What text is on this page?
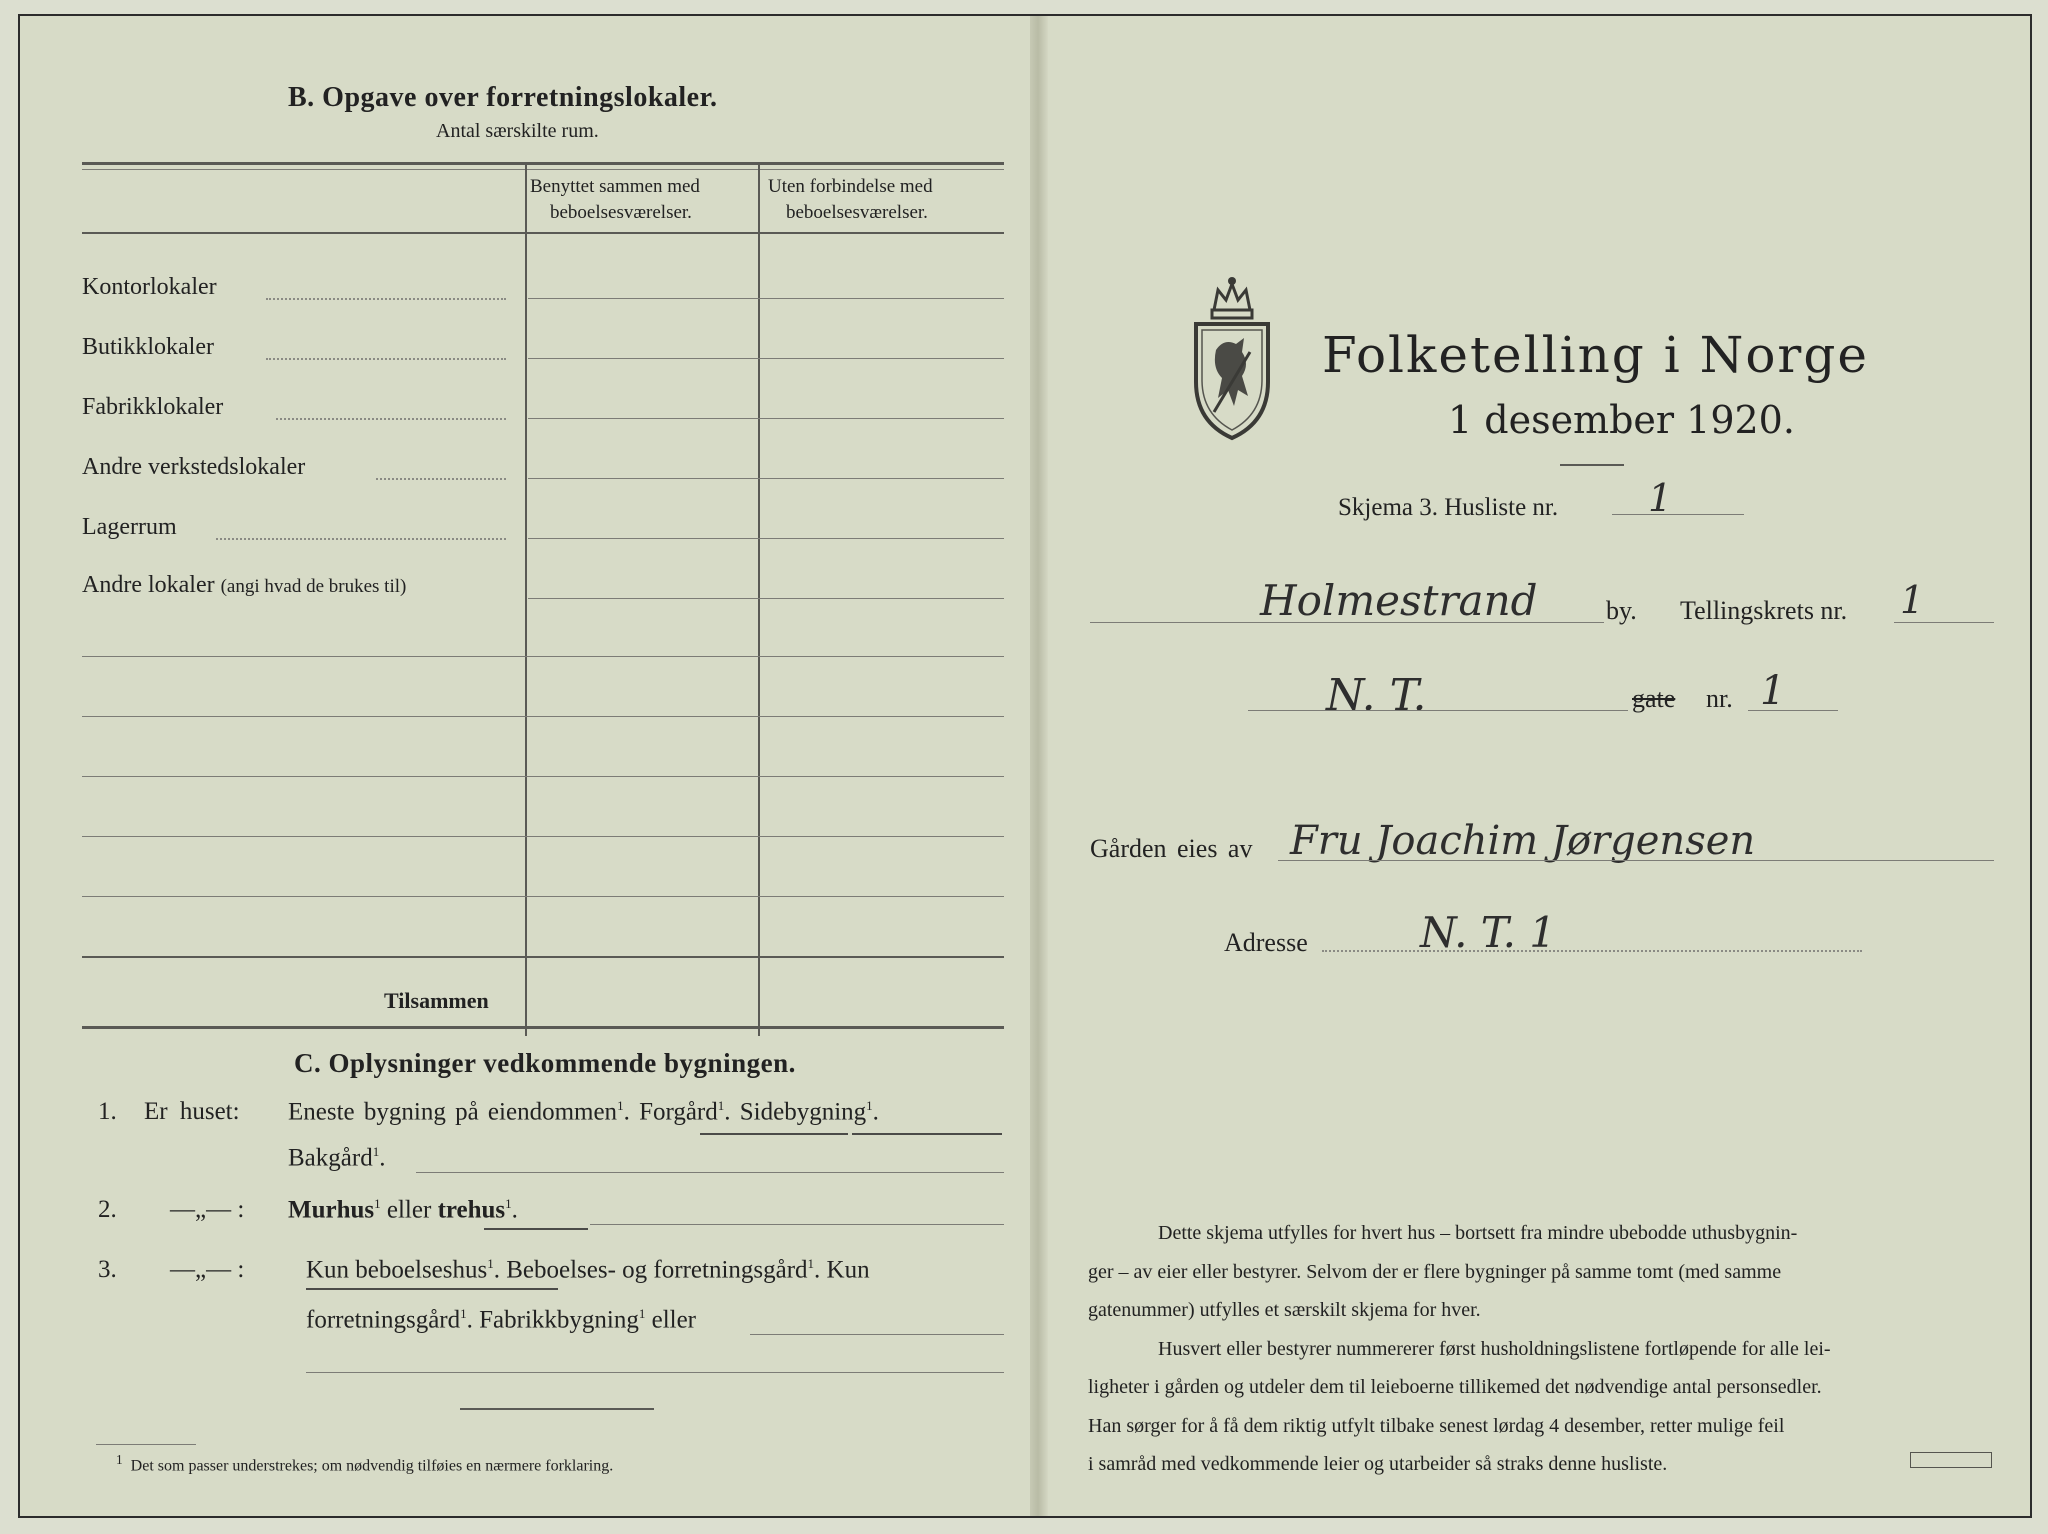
B. Opgave over forretningslokaler.
Antal særskilte rum.
Benyttet sammen med
beboelsesværelser.
Uten forbindelse med
beboelsesværelser.
Kontorlokaler
Butikklokaler
Fabrikklokaler
Andre verkstedslokaler
Lagerrum
Andre lokaler (angi hvad de brukes til)
Tilsammen
C. Oplysninger vedkommende bygningen.
1. Er huset: Eneste bygning på eiendommen$^1$. Forgård$^1$. Sidebygning$^1$.
Bakgård$^1$.
2. —„— : Murhus$^1$ eller trehus$^1$.
3. —„— : Kun beboelseshus$^1$. Beboelses- og forretningsgård$^1$. Kun
forretningsgård$^1$. Fabrikkbygning$^1$ eller
$^1$ Det som passer understrekes; om nødvendig tilføies en nærmere forklaring.
Folketelling i Norge
1 desember 1920.
Skjema 3. Husliste nr. 1
Holmestrand	by. Tellingskrets nr. 1
N. T.	gate nr. 1
Gården eies av Fru Joachim Jørgensen
Adresse	N. T. 1
Dette skjema utfylles for hvert hus – bortsett fra mindre ubebodde uthusbygnin-
ger – av eier eller bestyrer. Selvom der er flere bygninger på samme tomt (med samme
gatenummer) utfylles et særskilt skjema for hver.
Husvert eller bestyrer nummererer først husholdningslistene fortløpende for alle lei-
ligheter i gården og utdeler dem til leieboerne tillikemed det nødvendige antal personsedler.
Han sørger for å få dem riktig utfylt tilbake senest lørdag 4 desember, retter mulige feil
i samråd med vedkommende leier og utarbeider så straks denne husliste.
